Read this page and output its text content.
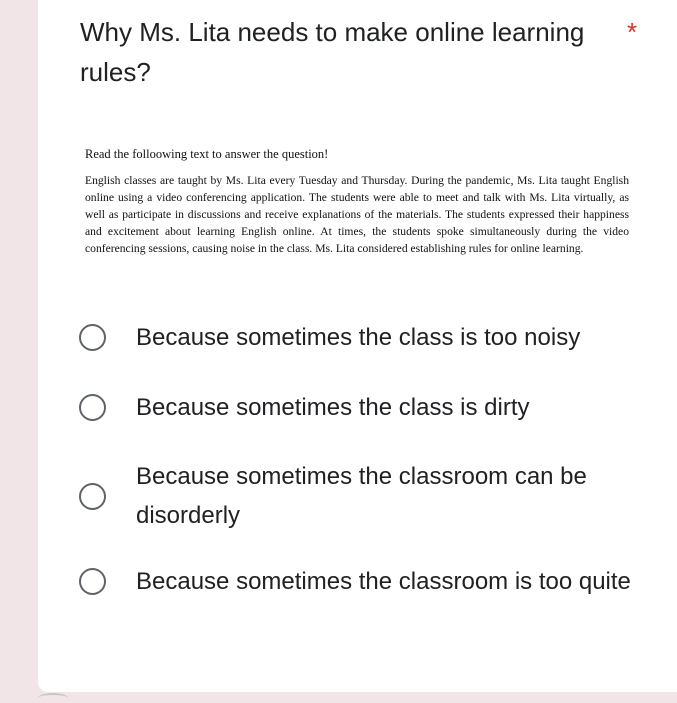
Why Ms. Lita needs to make online learning rules?
*

Read the folloowing text to answer the question!

English classes are taught by Ms. Lita every Tuesday and Thursday. During the pandemic, Ms. Lita taught English online using a video conferencing application. The students were able to meet and talk with Ms. Lita virtually, as well as participate in discussions and receive explanations of the materials. The students expressed their happiness and excitement about learning English online. At times, the students spoke simultaneously during the video conferencing sessions, causing noise in the class. Ms. Lita considered establishing rules for online learning.

Because sometimes the class is too noisy
Because sometimes the class is dirty
Because sometimes the classroom can be disorderly
Because sometimes the classroom is too quite
